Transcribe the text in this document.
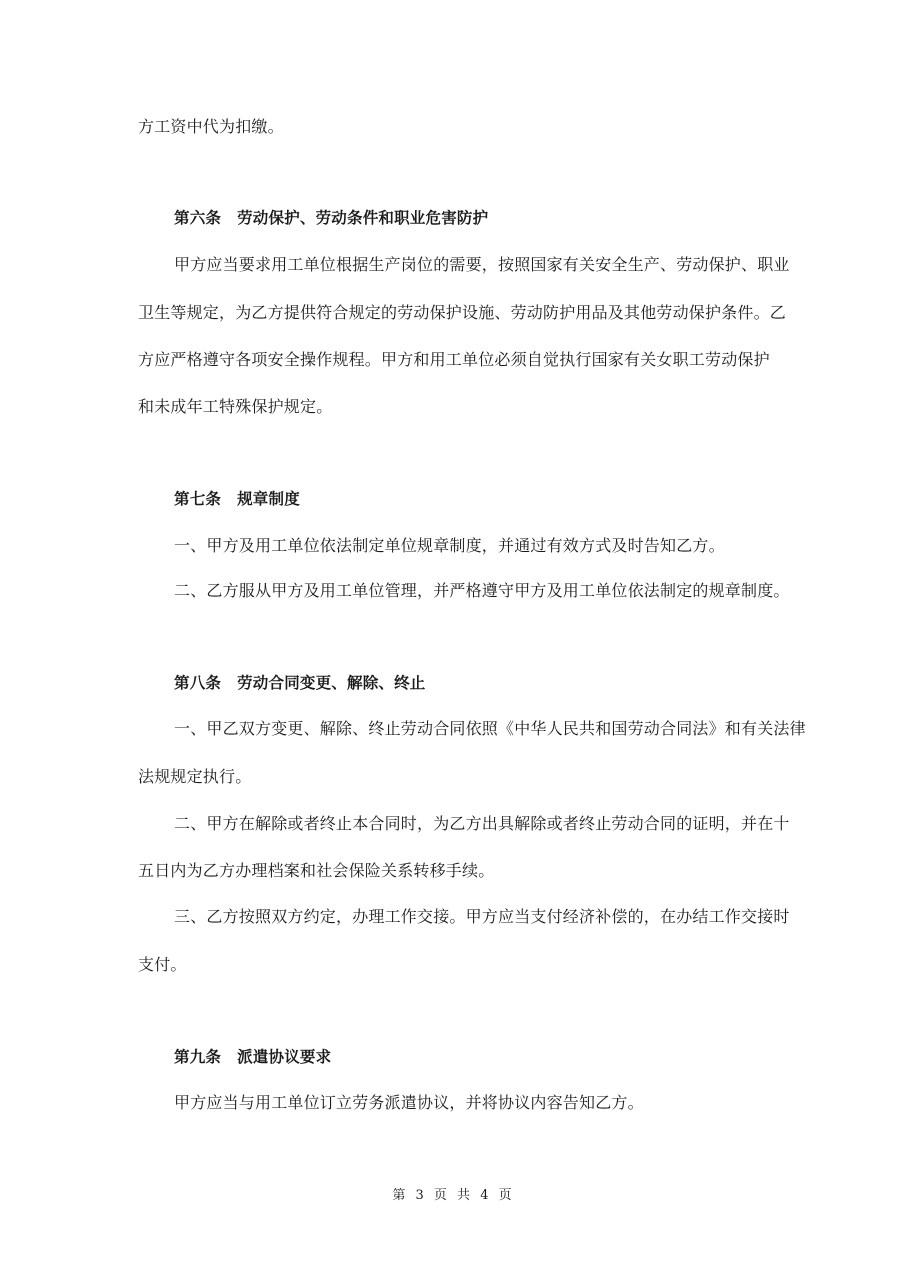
方工资中代为扣缴。
第六条 劳动保护、劳动条件和职业危害防护
甲方应当要求用工单位根据生产岗位的需要，按照国家有关安全生产、劳动保护、职业
卫生等规定，为乙方提供符合规定的劳动保护设施、劳动防护用品及其他劳动保护条件。乙
方应严格遵守各项安全操作规程。甲方和用工单位必须自觉执行国家有关女职工劳动保护
和未成年工特殊保护规定。
第七条 规章制度
一、甲方及用工单位依法制定单位规章制度，并通过有效方式及时告知乙方。
二、乙方服从甲方及用工单位管理，并严格遵守甲方及用工单位依法制定的规章制度。
第八条 劳动合同变更、解除、终止
一、甲乙双方变更、解除、终止劳动合同依照《中华人民共和国劳动合同法》和有关法律
法规规定执行。
二、甲方在解除或者终止本合同时，为乙方出具解除或者终止劳动合同的证明，并在十
五日内为乙方办理档案和社会保险关系转移手续。
三、乙方按照双方约定，办理工作交接。甲方应当支付经济补偿的，在办结工作交接时
支付。
第九条 派遣协议要求
甲方应当与用工单位订立劳务派遣协议，并将协议内容告知乙方。
第 3 页 共 4 页
